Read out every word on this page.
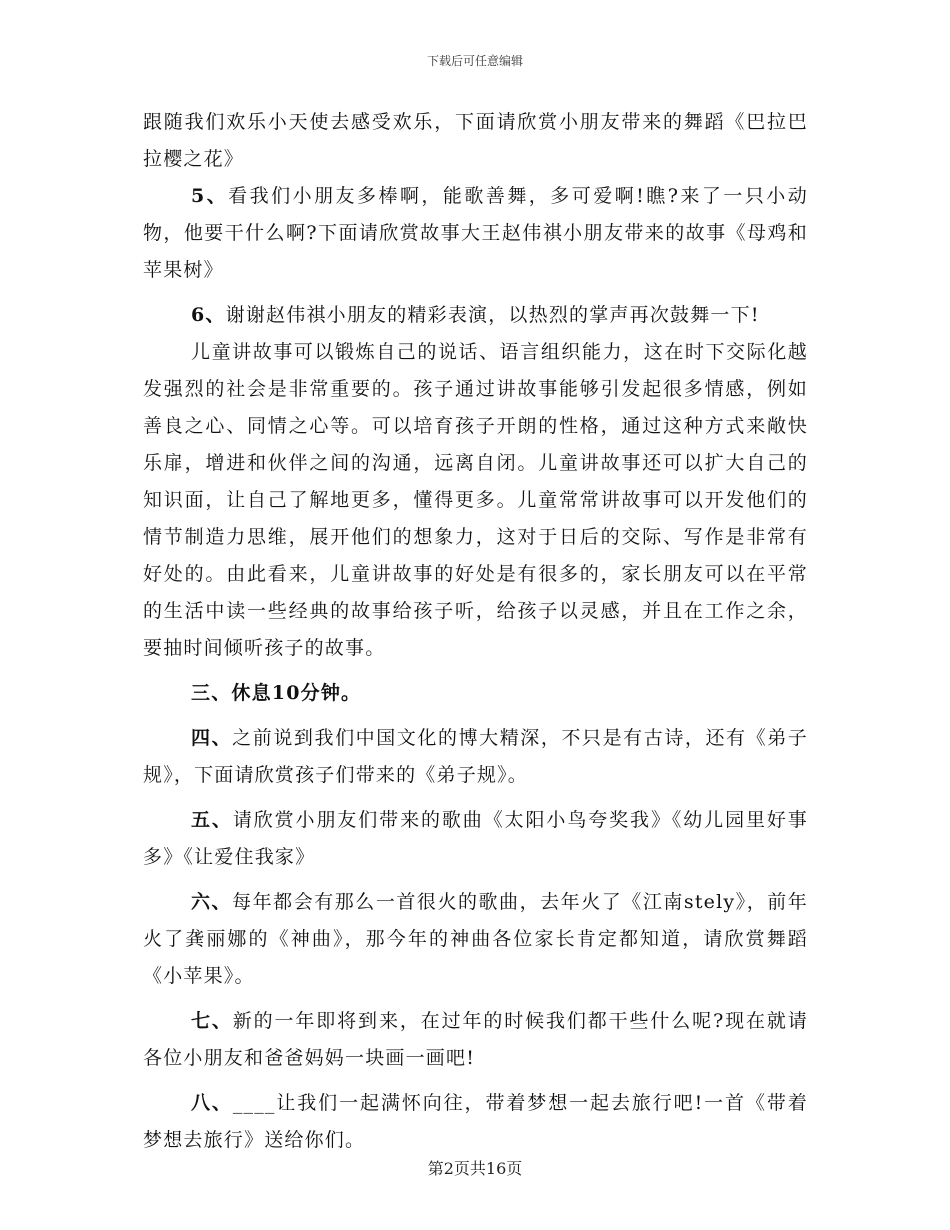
下载后可任意编辑

跟随我们欢乐小天使去感受欢乐，下面请欣赏小朋友带来的舞蹈《巴拉巴拉樱之花》

5、看我们小朋友多棒啊，能歌善舞，多可爱啊!瞧?来了一只小动物，他要干什么啊?下面请欣赏故事大王赵伟祺小朋友带来的故事《母鸡和苹果树》

6、谢谢赵伟祺小朋友的精彩表演，以热烈的掌声再次鼓舞一下!

儿童讲故事可以锻炼自己的说话、语言组织能力，这在时下交际化越发强烈的社会是非常重要的。孩子通过讲故事能够引发起很多情感，例如善良之心、同情之心等。可以培育孩子开朗的性格，通过这种方式来敞快乐扉，增进和伙伴之间的沟通，远离自闭。儿童讲故事还可以扩大自己的知识面，让自己了解地更多，懂得更多。儿童常常讲故事可以开发他们的情节制造力思维，展开他们的想象力，这对于日后的交际、写作是非常有好处的。由此看来，儿童讲故事的好处是有很多的，家长朋友可以在平常的生活中读一些经典的故事给孩子听，给孩子以灵感，并且在工作之余，要抽时间倾听孩子的故事。

三、休息10分钟。

四、之前说到我们中国文化的博大精深，不只是有古诗，还有《弟子规》，下面请欣赏孩子们带来的《弟子规》。

五、请欣赏小朋友们带来的歌曲《太阳小鸟夸奖我》《幼儿园里好事多》《让爱住我家》

六、每年都会有那么一首很火的歌曲，去年火了《江南stely》，前年火了龚丽娜的《神曲》，那今年的神曲各位家长肯定都知道，请欣赏舞蹈《小苹果》。

七、新的一年即将到来，在过年的时候我们都干些什么呢?现在就请各位小朋友和爸爸妈妈一块画一画吧!

八、____让我们一起满怀向往，带着梦想一起去旅行吧!一首《带着梦想去旅行》送给你们。

第2页共16页
